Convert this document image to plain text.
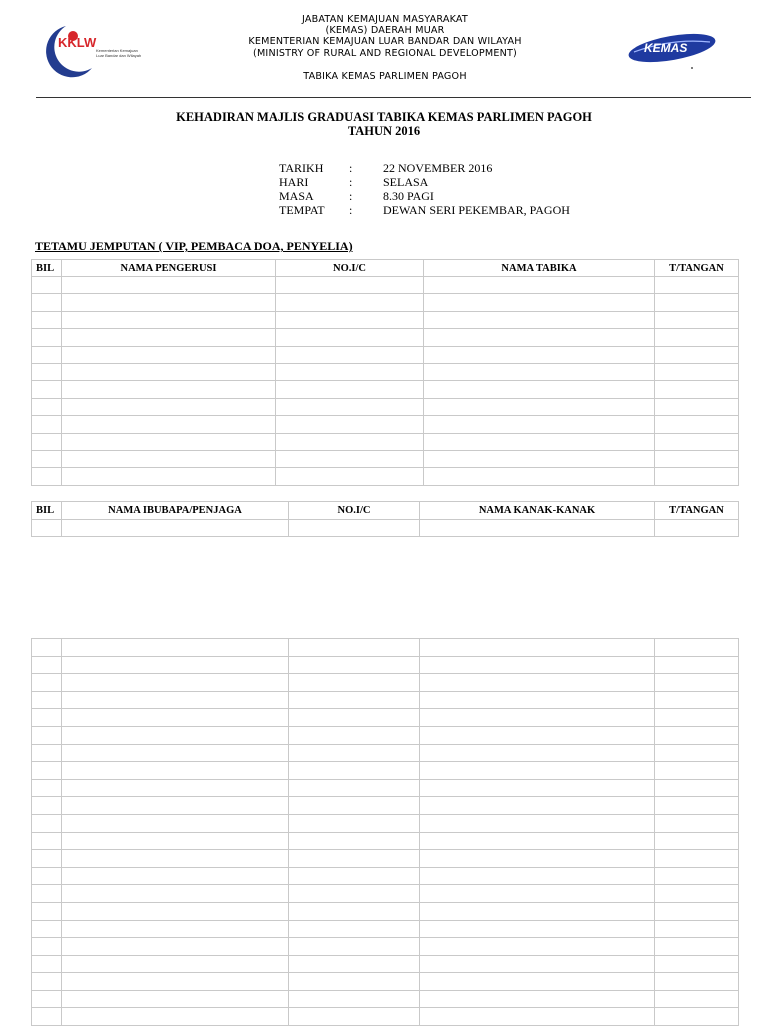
KKLW
Kementerian Kemajuan Luar Bandar dan Wilayah
JABATAN KEMAJUAN MASYARAKAT
(KEMAS) DAERAH MUAR
KEMENTERIAN KEMAJUAN LUAR BANDAR DAN WILAYAH
(MINISTRY OF RURAL AND REGIONAL DEVELOPMENT)
TABIKA KEMAS PARLIMEN PAGOH
KEMAS
KEHADIRAN MAJLIS GRADUASI TABIKA KEMAS PARLIMEN PAGOH
TAHUN 2016
TARIKH	:	22 NOVEMBER 2016
HARI	:	SELASA
MASA	:	8.30 PAGI
TEMPAT	:	DEWAN SERI PEKEMBAR, PAGOH
TETAMU JEMPUTAN ( VIP, PEMBACA DOA, PENYELIA)
BIL	NAMA PENGERUSI	NO.I/C	NAMA TABIKA	T/TANGAN

BIL	NAMA IBUBAPA/PENJAGA	NO.I/C	NAMA KANAK-KANAK	T/TANGAN
